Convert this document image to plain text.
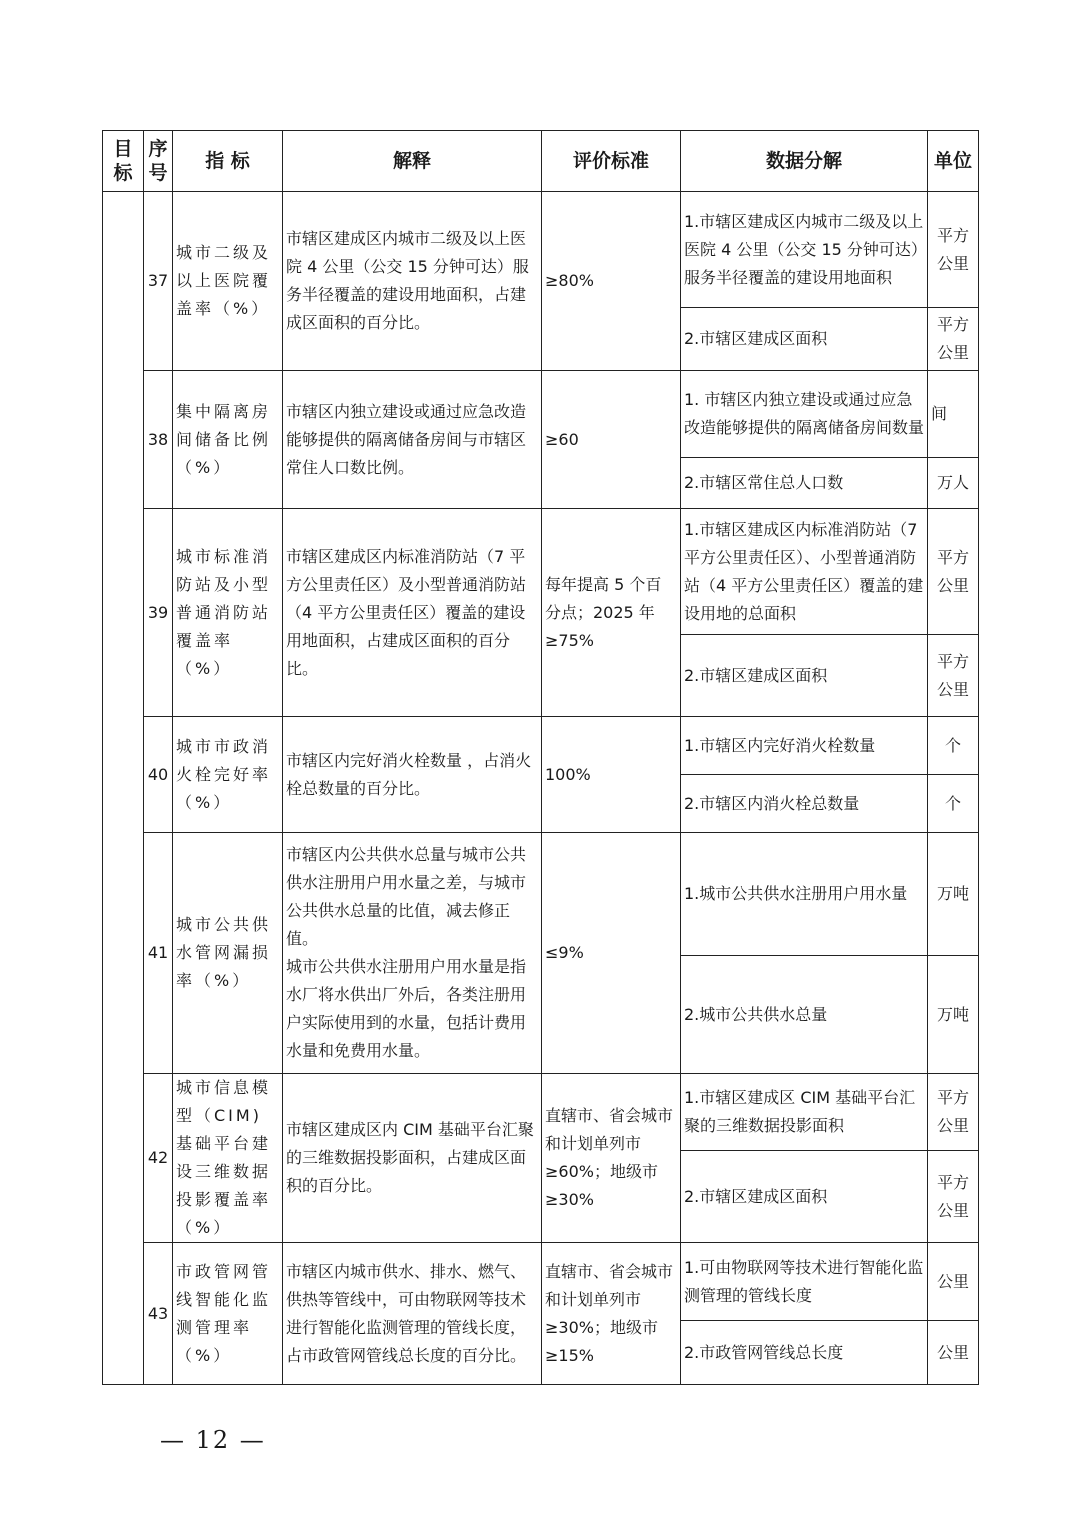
目标	序号	指 标	解释	评价标准	数据分解	单位
	37	城市二级及以上医院覆盖率（%）	市辖区建成区内城市二级及以上医院 4 公里（公交 15 分钟可达）服务半径覆盖的建设用地面积，占建成区面积的百分比。	≥80%	1.市辖区建成区内城市二级及以上医院 4 公里（公交 15 分钟可达）服务半径覆盖的建设用地面积	平方公里
					2.市辖区建成区面积	平方公里
	38	集中隔离房间储备比例（%）	市辖区内独立建设或通过应急改造能够提供的隔离储备房间与市辖区常住人口数比例。	≥60	1. 市辖区内独立建设或通过应急改造能够提供的隔离储备房间数量	间
					2.市辖区常住总人口数	万人
	39	城市标准消防站及小型普通消防站覆盖率（%）	市辖区建成区内标准消防站（7 平方公里责任区）及小型普通消防站（4 平方公里责任区）覆盖的建设用地面积，占建成区面积的百分比。	每年提高 5 个百分点；2025 年≥75%	1.市辖区建成区内标准消防站（7 平方公里责任区）、小型普通消防站（4 平方公里责任区）覆盖的建设用地的总面积	平方公里
					2.市辖区建成区面积	平方公里
	40	城市市政消火栓完好率（%）	市辖区内完好消火栓数量 ，占消火栓总数量的百分比。	100%	1.市辖区内完好消火栓数量	个
					2.市辖区内消火栓总数量	个
	41	城市公共供水管网漏损率（%）	市辖区内公共供水总量与城市公共供水注册用户用水量之差，与城市公共供水总量的比值，减去修正值。
城市公共供水注册用户用水量是指水厂将水供出厂外后，各类注册用户实际使用到的水量，包括计费用水量和免费用水量。	≤9%	1.城市公共供水注册用户用水量	万吨
					2.城市公共供水总量	万吨
	42	城市信息模型（CIM)基础平台建设三维数据投影覆盖率（%）	市辖区建成区内 CIM 基础平台汇聚的三维数据投影面积，占建成区面积的百分比。	直辖市、省会城市和计划单列市≥60%；地级市≥30%	1.市辖区建成区 CIM 基础平台汇聚的三维数据投影面积	平方公里
					2.市辖区建成区面积	平方公里
	43	市政管网管线智能化监测管理率（%）	市辖区内城市供水、排水、燃气、供热等管线中，可由物联网等技术进行智能化监测管理的管线长度，占市政管网管线总长度的百分比。	直辖市、省会城市和计划单列市≥30%；地级市≥15%	1.可由物联网等技术进行智能化监测管理的管线长度	公里
					2.市政管网管线总长度	公里
— 12 —
